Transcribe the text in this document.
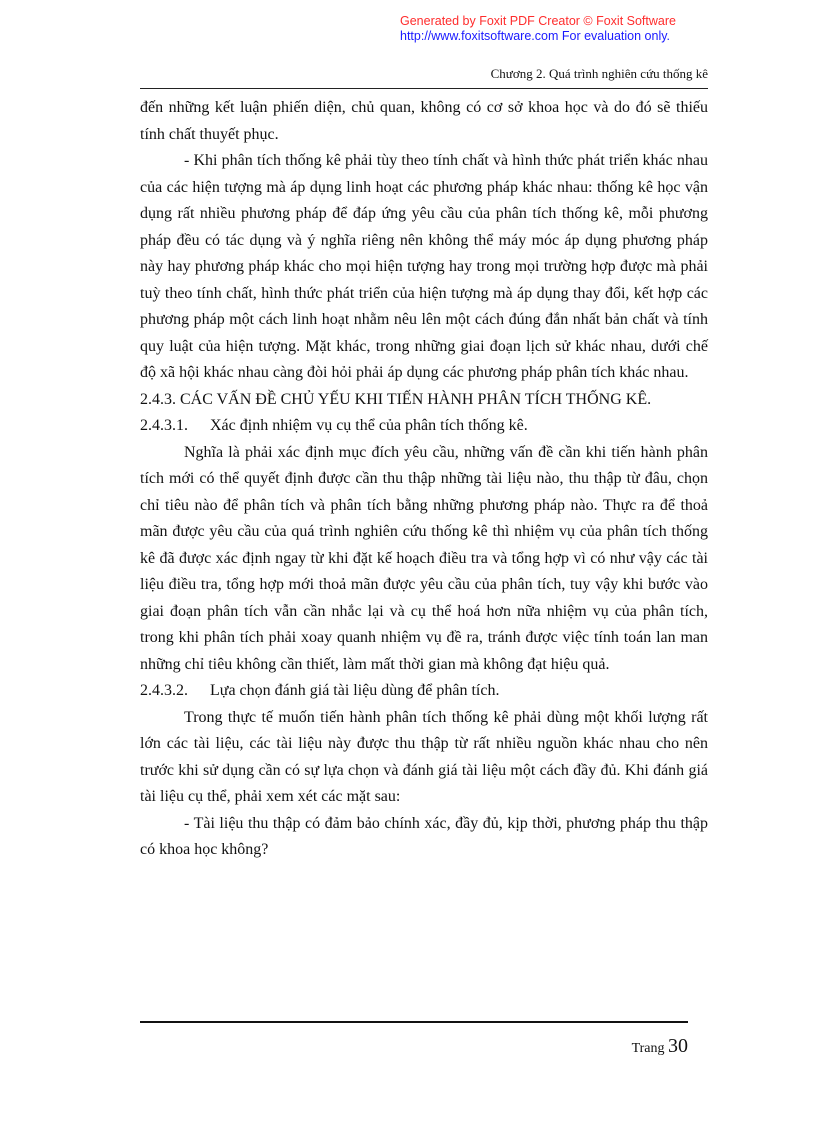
Generated by Foxit PDF Creator © Foxit Software
http://www.foxitsoftware.com For evaluation only.
Chương 2. Quá trình nghiên cứu thống kê

đến những kết luận phiến diện, chủ quan, không có cơ sở khoa học và do đó sẽ thiếu tính chất thuyết phục.

- Khi phân tích thống kê phải tùy theo tính chất và hình thức phát triển khác nhau của các hiện tượng mà áp dụng linh hoạt các phương pháp khác nhau: thống kê học vận dụng rất nhiều phương pháp để đáp ứng yêu cầu của phân tích thống kê, mỗi phương pháp đều có tác dụng và ý nghĩa riêng nên không thể máy móc áp dụng phương pháp này hay phương pháp khác cho mọi hiện tượng hay trong mọi trường hợp được mà phải tuỳ theo tính chất, hình thức phát triển của hiện tượng mà áp dụng thay đổi, kết hợp các phương pháp một cách linh hoạt nhằm nêu lên một cách đúng đắn nhất bản chất và tính quy luật của hiện tượng. Mặt khác, trong những giai đoạn lịch sử khác nhau, dưới chế độ xã hội khác nhau càng đòi hỏi phải áp dụng các phương pháp phân tích khác nhau.

2.4.3. CÁC VẤN ĐỀ CHỦ YẾU KHI TIẾN HÀNH PHÂN TÍCH THỐNG KÊ.
2.4.3.1. Xác định nhiệm vụ cụ thể của phân tích thống kê.

Nghĩa là phải xác định mục đích yêu cầu, những vấn đề cần khi tiến hành phân tích mới có thể quyết định được cần thu thập những tài liệu nào, thu thập từ đâu, chọn chỉ tiêu nào để phân tích và phân tích bằng những phương pháp nào. Thực ra để thoả mãn được yêu cầu của quá trình nghiên cứu thống kê thì nhiệm vụ của phân tích thống kê đã được xác định ngay từ khi đặt kế hoạch điều tra và tổng hợp vì có như vậy các tài liệu điều tra, tổng hợp mới thoả mãn được yêu cầu của phân tích, tuy vậy khi bước vào giai đoạn phân tích vẫn cần nhắc lại và cụ thể hoá hơn nữa nhiệm vụ của phân tích, trong khi phân tích phải xoay quanh nhiệm vụ đề ra, tránh được việc tính toán lan man những chỉ tiêu không cần thiết, làm mất thời gian mà không đạt hiệu quả.

2.4.3.2. Lựa chọn đánh giá tài liệu dùng để phân tích.

Trong thực tế muốn tiến hành phân tích thống kê phải dùng một khối lượng rất lớn các tài liệu, các tài liệu này được thu thập từ rất nhiều nguồn khác nhau cho nên trước khi sử dụng cần có sự lựa chọn và đánh giá tài liệu một cách đầy đủ. Khi đánh giá tài liệu cụ thể, phải xem xét các mặt sau:

- Tài liệu thu thập có đảm bảo chính xác, đầy đủ, kịp thời, phương pháp thu thập có khoa học không?

Trang 30
